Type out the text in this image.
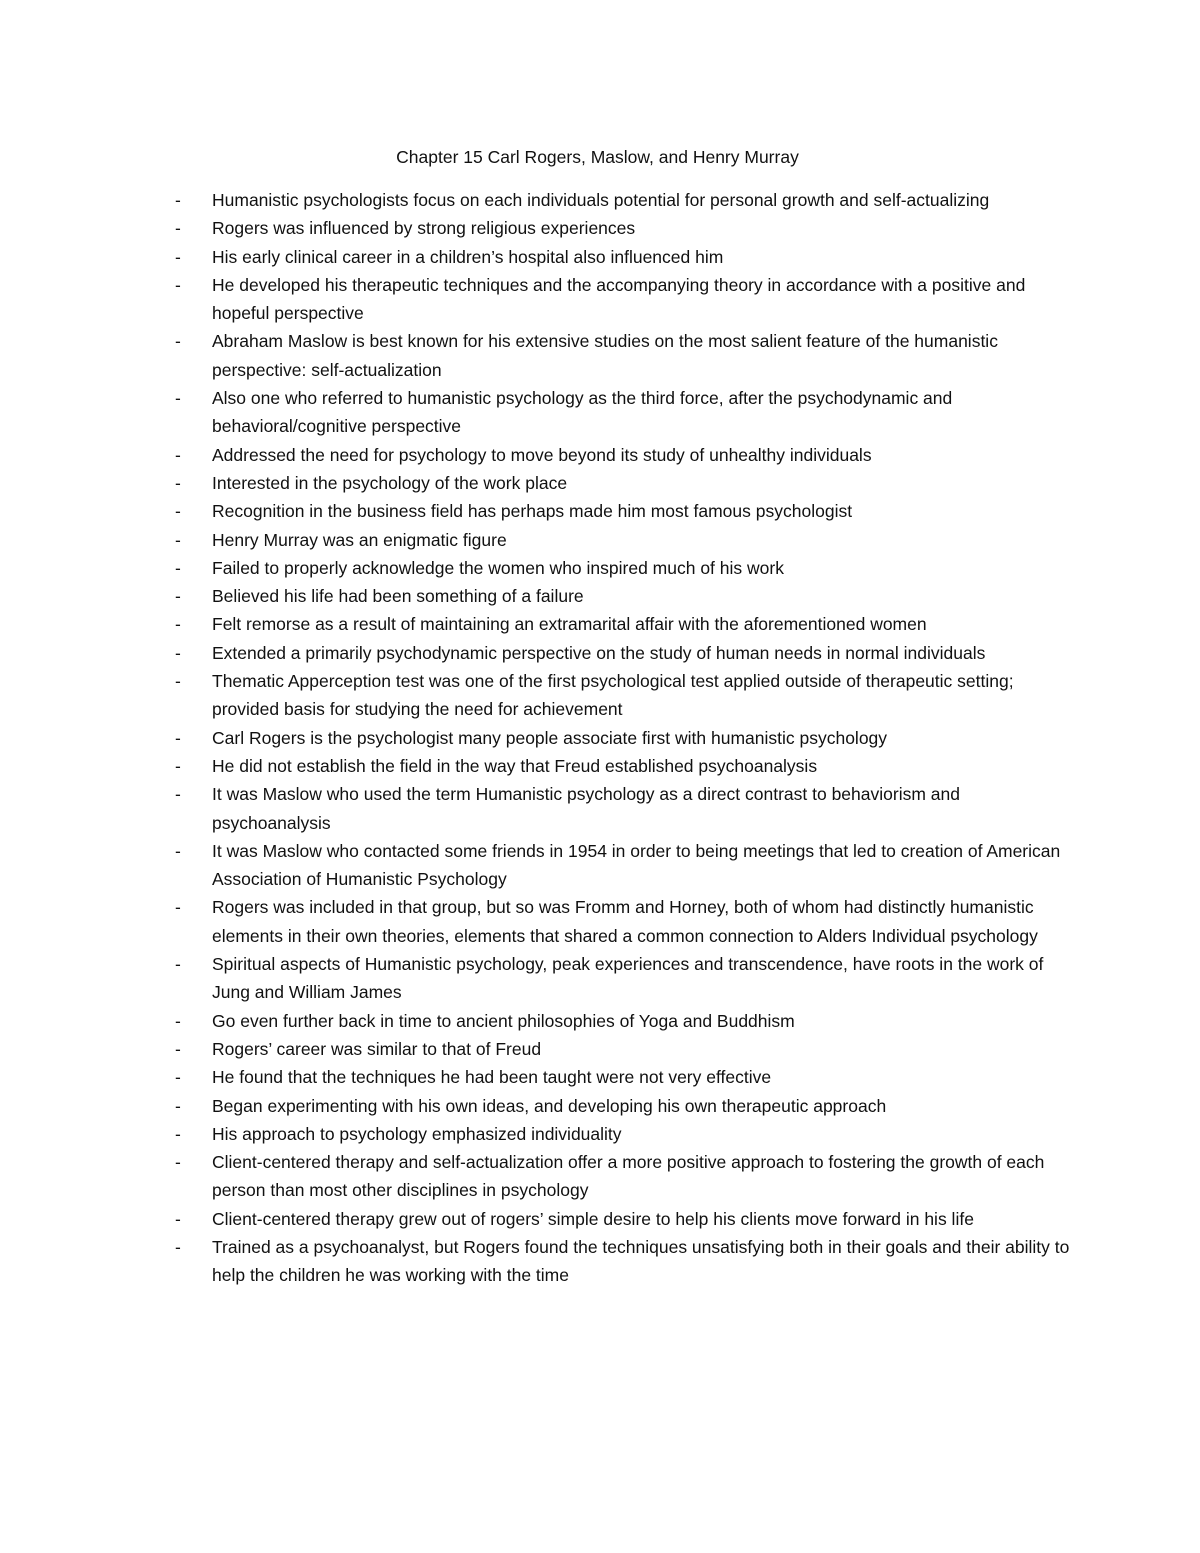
Chapter 15 Carl Rogers, Maslow, and Henry Murray
- Humanistic psychologists focus on each individuals potential for personal growth and self-actualizing
- Rogers was influenced by strong religious experiences
- His early clinical career in a children’s hospital also influenced him
- He developed his therapeutic techniques and the accompanying theory in accordance with a positive and hopeful perspective
- Abraham Maslow is best known for his extensive studies on the most salient feature of the humanistic perspective: self-actualization
- Also one who referred to humanistic psychology as the third force, after the psychodynamic and behavioral/cognitive perspective
- Addressed the need for psychology to move beyond its study of unhealthy individuals
- Interested in the psychology of the work place
- Recognition in the business field has perhaps made him most famous psychologist
- Henry Murray was an enigmatic figure
- Failed to properly acknowledge the women who inspired much of his work
- Believed his life had been something of a failure
- Felt remorse as a result of maintaining an extramarital affair with the aforementioned women
- Extended a primarily psychodynamic perspective on the study of human needs in normal individuals
- Thematic Apperception test was one of the first psychological test applied outside of therapeutic setting; provided basis for studying the need for achievement
- Carl Rogers is the psychologist many people associate first with humanistic psychology
- He did not establish the field in the way that Freud established psychoanalysis
- It was Maslow who used the term Humanistic psychology as a direct contrast to behaviorism and psychoanalysis
- It was Maslow who contacted some friends in 1954 in order to being meetings that led to creation of American Association of Humanistic Psychology
- Rogers was included in that group, but so was Fromm and Horney, both of whom had distinctly humanistic elements in their own theories, elements that shared a common connection to Alders Individual psychology
- Spiritual aspects of Humanistic psychology, peak experiences and transcendence, have roots in the work of Jung and William James
- Go even further back in time to ancient philosophies of Yoga and Buddhism
- Rogers’ career was similar to that of Freud
- He found that the techniques he had been taught were not very effective
- Began experimenting with his own ideas, and developing his own therapeutic approach
- His approach to psychology emphasized individuality
- Client-centered therapy and self-actualization offer a more positive approach to fostering the growth of each person than most other disciplines in psychology
- Client-centered therapy grew out of rogers’ simple desire to help his clients move forward in his life
- Trained as a psychoanalyst, but Rogers found the techniques unsatisfying both in their goals and their ability to help the children he was working with the time
